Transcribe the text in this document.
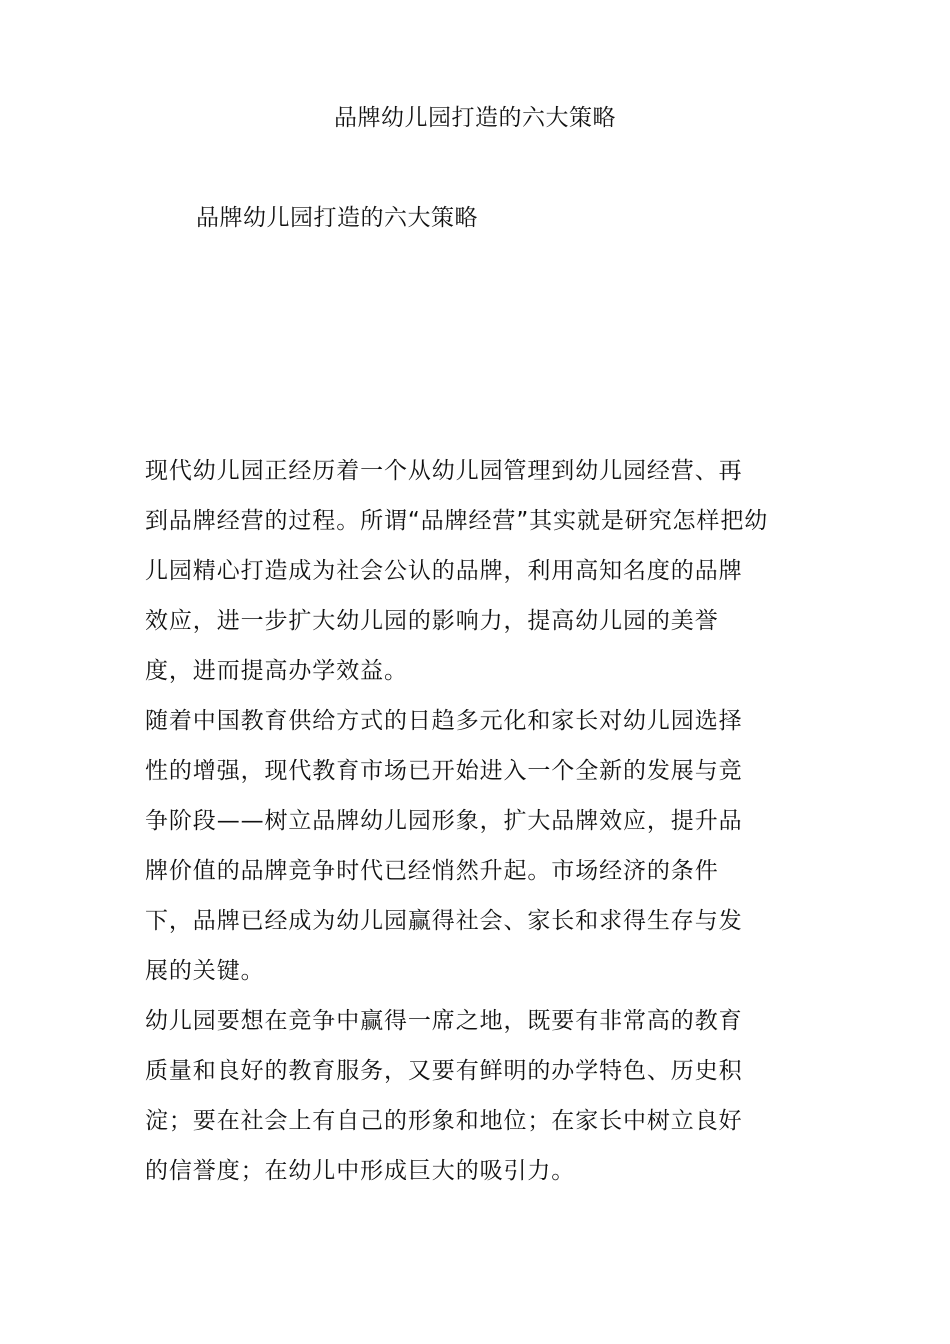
品牌幼儿园打造的六大策略
品牌幼儿园打造的六大策略
现代幼儿园正经历着一个从幼儿园管理到幼儿园经营、再
到品牌经营的过程。所谓“品牌经营”其实就是研究怎样把幼
儿园精心打造成为社会公认的品牌，利用高知名度的品牌
效应，进一步扩大幼儿园的影响力，提高幼儿园的美誉
度，进而提高办学效益。
随着中国教育供给方式的日趋多元化和家长对幼儿园选择
性的增强，现代教育市场已开始进入一个全新的发展与竞
争阶段——树立品牌幼儿园形象，扩大品牌效应，提升品
牌价值的品牌竞争时代已经悄然升起。市场经济的条件
下，品牌已经成为幼儿园赢得社会、家长和求得生存与发
展的关键。
幼儿园要想在竞争中赢得一席之地，既要有非常高的教育
质量和良好的教育服务，又要有鲜明的办学特色、历史积
淀；要在社会上有自己的形象和地位；在家长中树立良好
的信誉度；在幼儿中形成巨大的吸引力。
